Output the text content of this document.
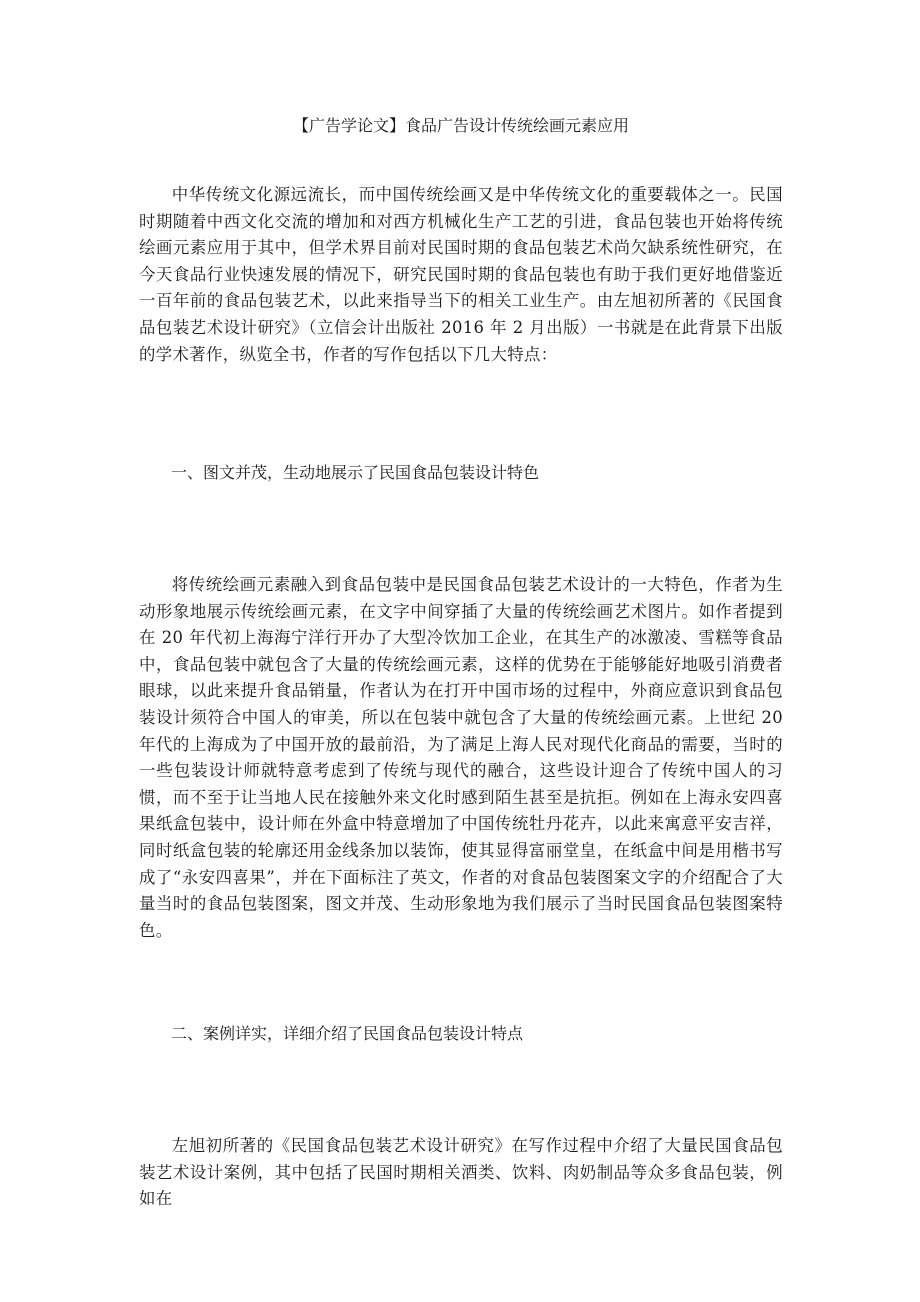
【广告学论文】食品广告设计传统绘画元素应用
中华传统文化源远流长，而中国传统绘画又是中华传统文化的重要载体之一。民国时期随着中西文化交流的增加和对西方机械化生产工艺的引进，食品包装也开始将传统绘画元素应用于其中，但学术界目前对民国时期的食品包装艺术尚欠缺系统性研究，在今天食品行业快速发展的情况下，研究民国时期的食品包装也有助于我们更好地借鉴近一百年前的食品包装艺术，以此来指导当下的相关工业生产。由左旭初所著的《民国食品包装艺术设计研究》（立信会计出版社 2016 年 2 月出版）一书就是在此背景下出版的学术著作，纵览全书，作者的写作包括以下几大特点：
一、图文并茂，生动地展示了民国食品包装设计特色
将传统绘画元素融入到食品包装中是民国食品包装艺术设计的一大特色，作者为生动形象地展示传统绘画元素，在文字中间穿插了大量的传统绘画艺术图片。如作者提到在 20 年代初上海海宁洋行开办了大型冷饮加工企业，在其生产的冰激凌、雪糕等食品中，食品包装中就包含了大量的传统绘画元素，这样的优势在于能够能好地吸引消费者眼球，以此来提升食品销量，作者认为在打开中国市场的过程中，外商应意识到食品包装设计须符合中国人的审美，所以在包装中就包含了大量的传统绘画元素。上世纪 20 年代的上海成为了中国开放的最前沿，为了满足上海人民对现代化商品的需要，当时的一些包装设计师就特意考虑到了传统与现代的融合，这些设计迎合了传统中国人的习惯，而不至于让当地人民在接触外来文化时感到陌生甚至是抗拒。例如在上海永安四喜果纸盒包装中，设计师在外盒中特意增加了中国传统牡丹花卉，以此来寓意平安吉祥，同时纸盒包装的轮廓还用金线条加以装饰，使其显得富丽堂皇，在纸盒中间是用楷书写成了“永安四喜果”，并在下面标注了英文，作者的对食品包装图案文字的介绍配合了大量当时的食品包装图案，图文并茂、生动形象地为我们展示了当时民国食品包装图案特色。
二、案例详实，详细介绍了民国食品包装设计特点
左旭初所著的《民国食品包装艺术设计研究》在写作过程中介绍了大量民国食品包装艺术设计案例，其中包括了民国时期相关酒类、饮料、肉奶制品等众多食品包装，例如在
